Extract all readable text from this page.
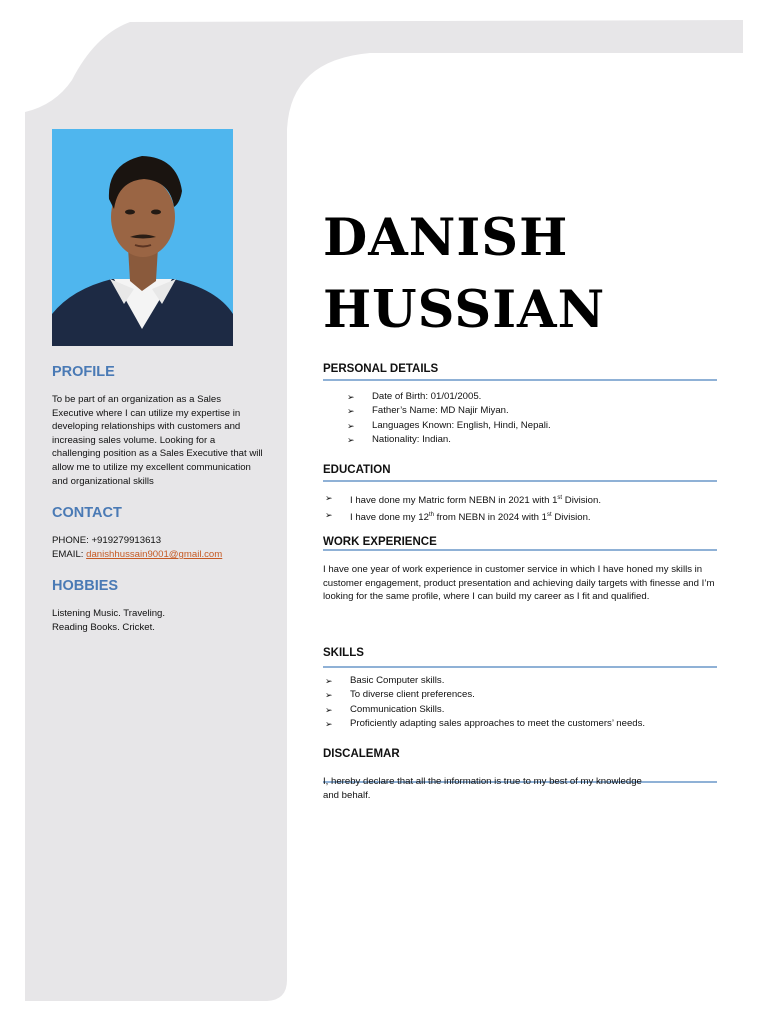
PROFILE
To be part of an organization as a Sales Executive where I can utilize my expertise in developing relationships with customers and increasing sales volume. Looking for a challenging position as a Sales Executive that will allow me to utilize my excellent communication and organizational skills
CONTACT
PHONE: +919279913613
EMAIL: danishhussain9001@gmail.com
HOBBIES
Listening Music. Traveling.
Reading Books. Cricket.
DANISH
HUSSIAN
PERSONAL DETAILS
➢ Date of Birth: 01/01/2005.
➢ Father’s Name: MD Najir Miyan.
➢ Languages Known: English, Hindi, Nepali.
➢ Nationality: Indian.
EDUCATION
➢ I have done my Matric form NEBN in 2021 with 1st Division.
➢ I have done my 12th from NEBN in 2024 with 1st Division.
WORK EXPERIENCE
I have one year of work experience in customer service in which I have honed my skills in customer engagement, product presentation and achieving daily targets with finesse and I’m looking for the same profile, where I can build my career as I fit and qualified.
SKILLS
➢ Basic Computer skills.
➢ To diverse client preferences.
➢ Communication Skills.
➢ Proficiently adapting sales approaches to meet the customers’ needs.
DISCALEMAR
I, hereby declare that all the information is true to my best of my knowledge
and behalf.
